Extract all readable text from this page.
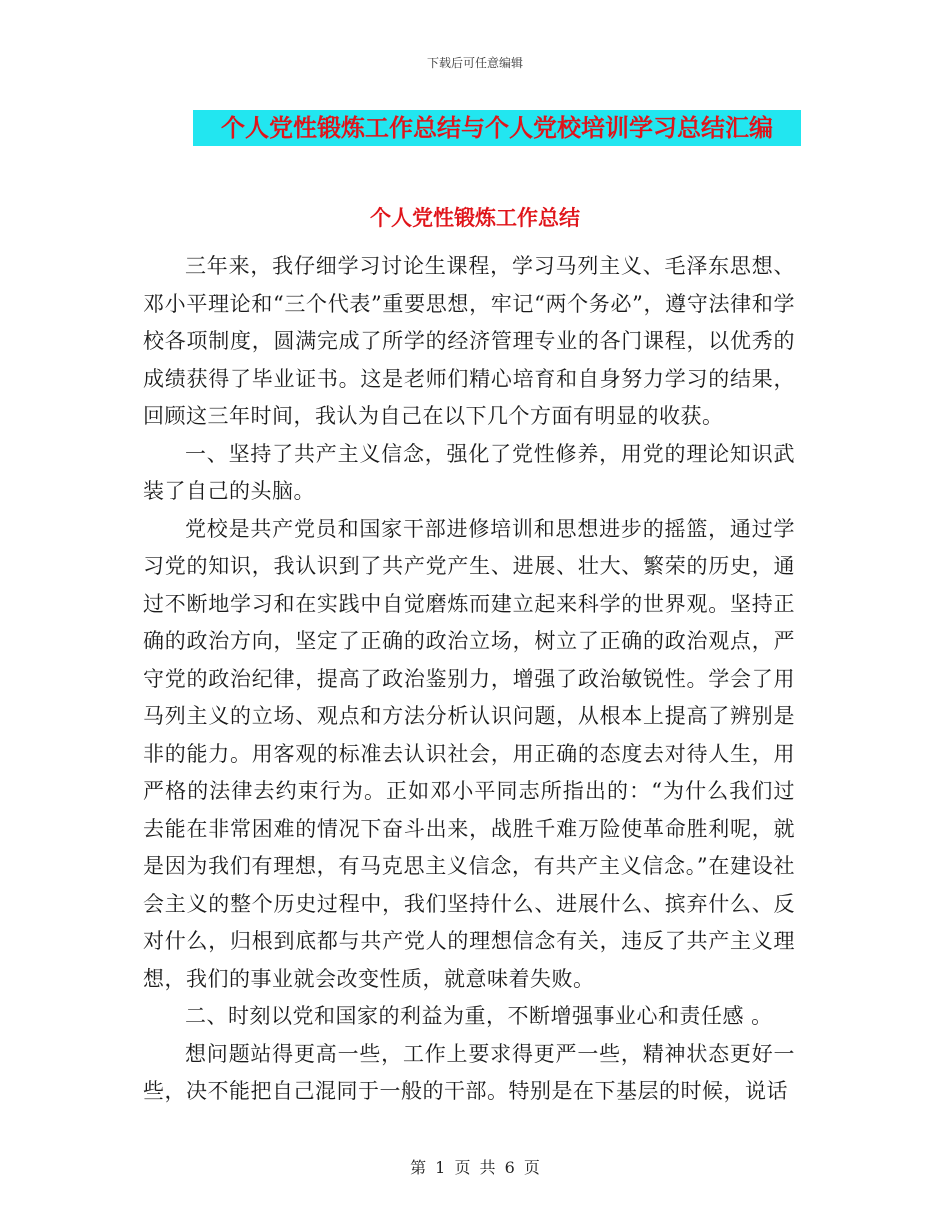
下载后可任意编辑
个人党性锻炼工作总结与个人党校培训学习总结汇编
个人党性锻炼工作总结

三年来，我仔细学习讨论生课程，学习马列主义、毛泽东思想、邓小平理论和“三个代表”重要思想，牢记“两个务必”，遵守法律和学校各项制度，圆满完成了所学的经济管理专业的各门课程，以优秀的成绩获得了毕业证书。这是老师们精心培育和自身努力学习的结果，回顾这三年时间，我认为自己在以下几个方面有明显的收获。

一、坚持了共产主义信念，强化了党性修养，用党的理论知识武装了自己的头脑。

党校是共产党员和国家干部进修培训和思想进步的摇篮，通过学习党的知识，我认识到了共产党产生、进展、壮大、繁荣的历史，通过不断地学习和在实践中自觉磨炼而建立起来科学的世界观。坚持正确的政治方向，坚定了正确的政治立场，树立了正确的政治观点，严守党的政治纪律，提高了政治鉴别力，增强了政治敏锐性。学会了用马列主义的立场、观点和方法分析认识问题，从根本上提高了辨别是非的能力。用客观的标准去认识社会，用正确的态度去对待人生，用严格的法律去约束行为。正如邓小平同志所指出的：“为什么我们过去能在非常困难的情况下奋斗出来，战胜千难万险使革命胜利呢，就是因为我们有理想，有马克思主义信念，有共产主义信念。”在建设社会主义的整个历史过程中，我们坚持什么、进展什么、摈弃什么、反对什么，归根到底都与共产党人的理想信念有关，违反了共产主义理想，我们的事业就会改变性质，就意味着失败。

二、时刻以党和国家的利益为重，不断增强事业心和责任感 。

想问题站得更高一些，工作上要求得更严一些，精神状态更好一些，决不能把自己混同于一般的干部。特别是在下基层的时候，说话

第 1 页 共 6 页
